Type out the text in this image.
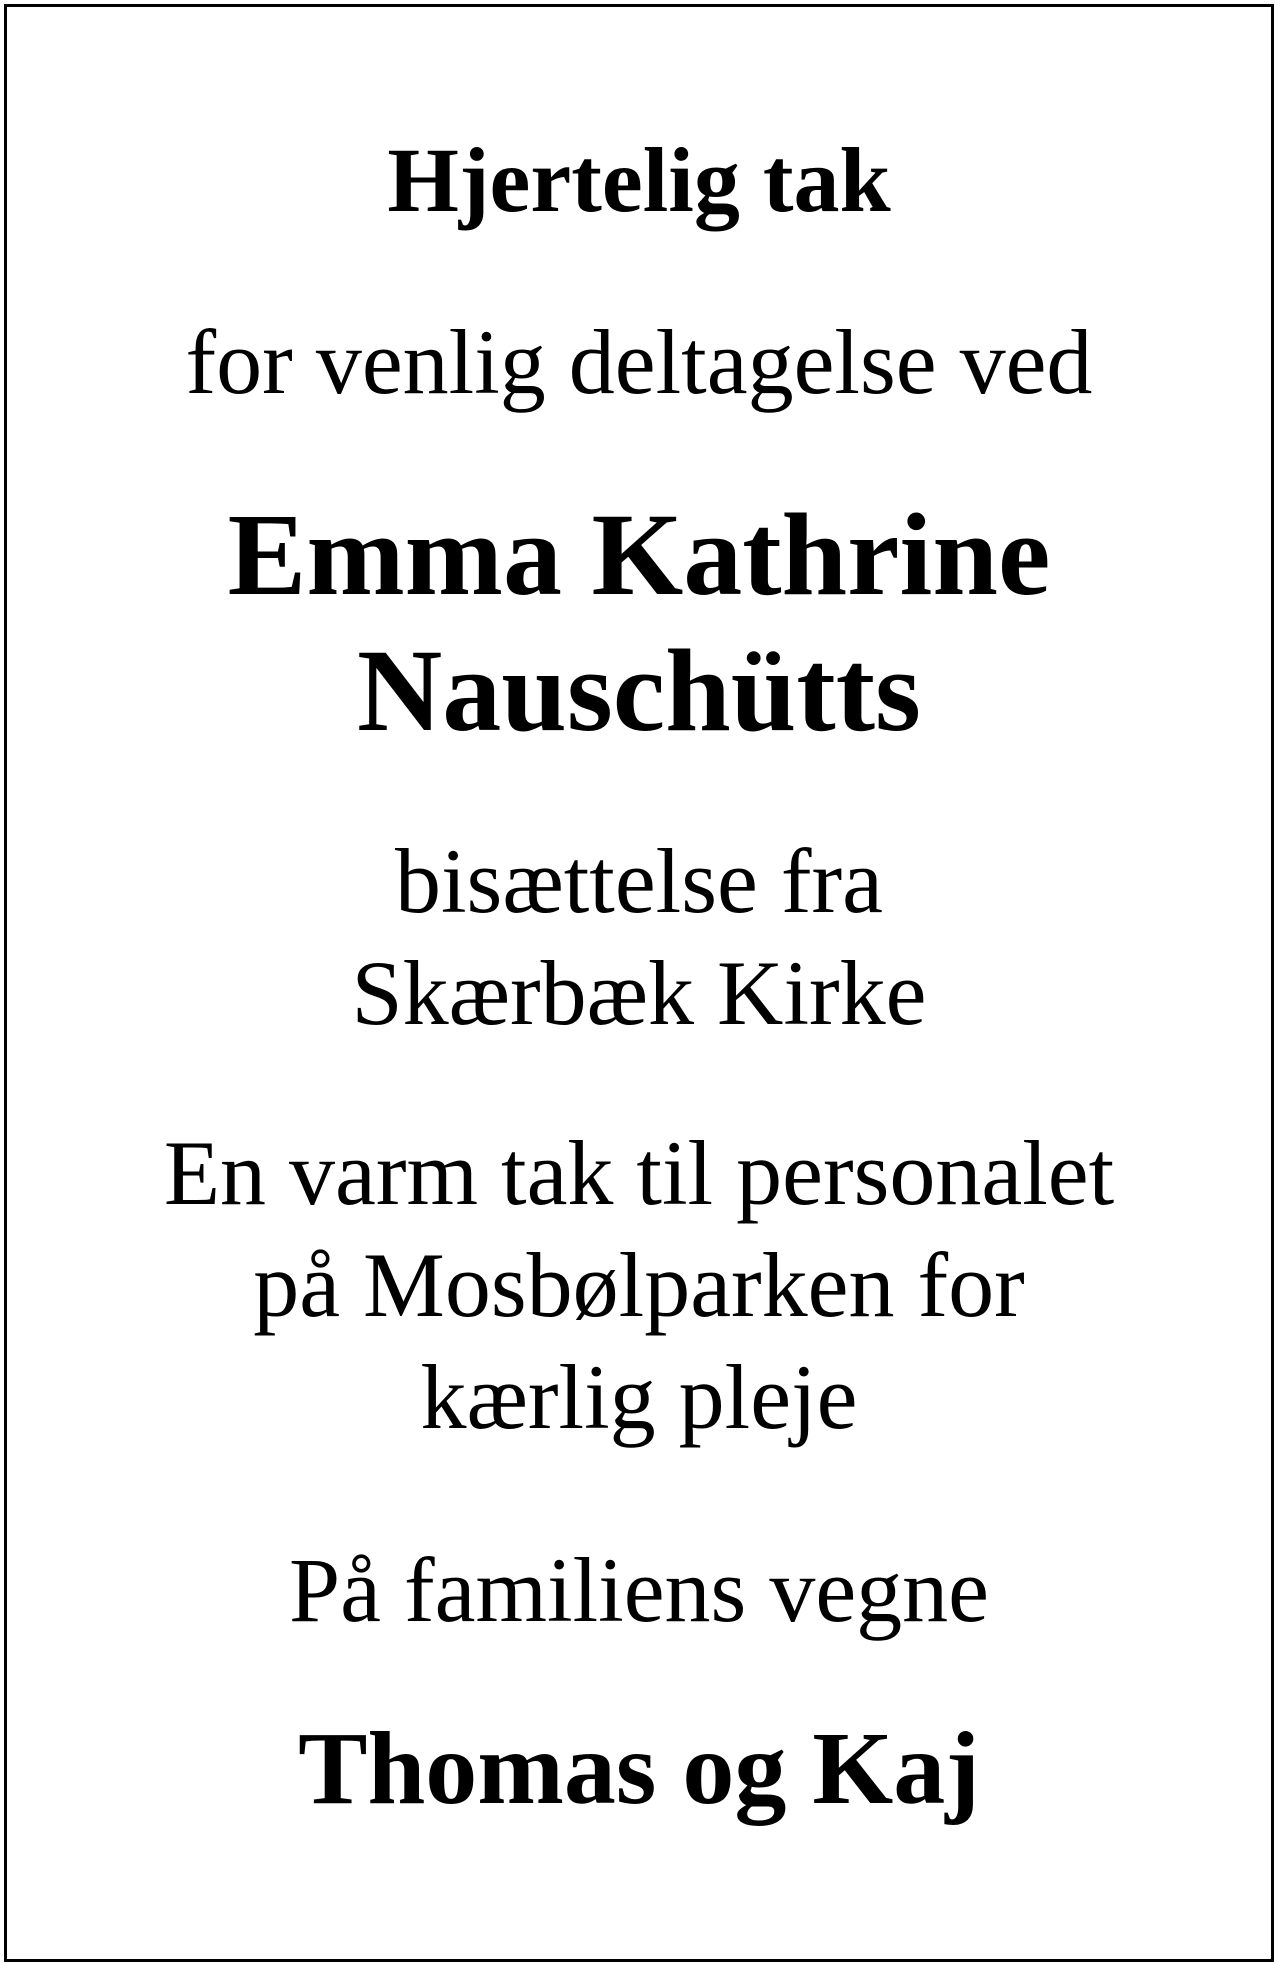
Hjertelig tak

for venlig deltagelse ved

Emma Kathrine
Nauschütts
bisættelse fra
Skærbæk Kirke
En varm tak til personalet
på Mosbølparken for
kærlig pleje

På familiens vegne

Thomas og Kaj
